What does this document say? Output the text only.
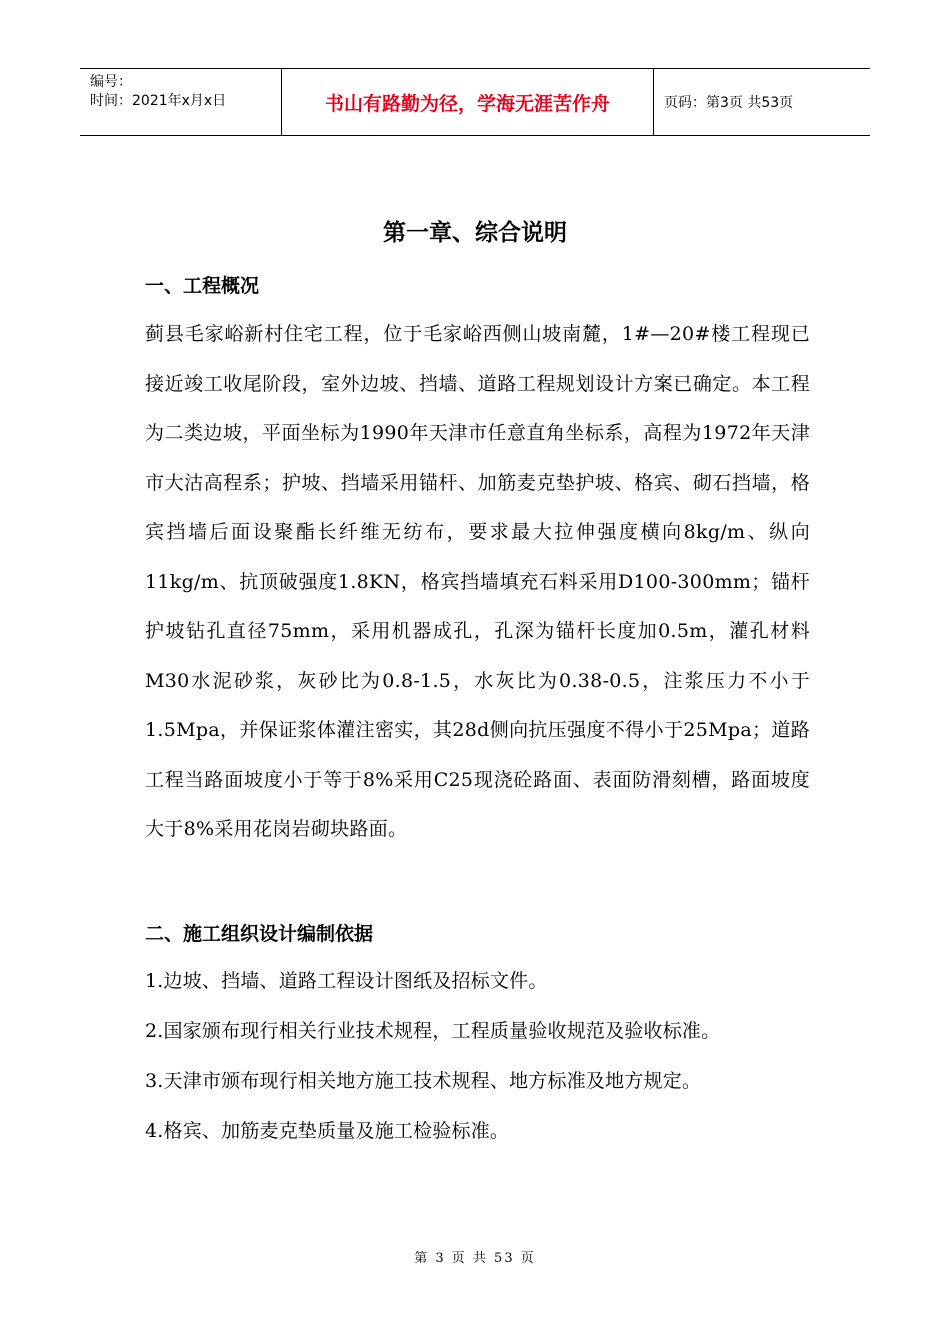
编号：
时间：2021年x月x日	书山有路勤为径，学海无涯苦作舟	页码：第3页 共53页
第一章、综合说明
一、工程概况
蓟县毛家峪新村住宅工程，位于毛家峪西侧山坡南麓，1#—20#楼工程现已接近竣工收尾阶段，室外边坡、挡墙、道路工程规划设计方案已确定。本工程为二类边坡，平面坐标为1990年天津市任意直角坐标系，高程为1972年天津市大沽高程系；护坡、挡墙采用锚杆、加筋麦克垫护坡、格宾、砌石挡墙，格宾挡墙后面设聚酯长纤维无纺布，要求最大拉伸强度横向8kg/m、纵向11kg/m、抗顶破强度1.8KN，格宾挡墙填充石料采用D100-300mm；锚杆护坡钻孔直径75mm，采用机器成孔，孔深为锚杆长度加0.5m，灌孔材料M30水泥砂浆，灰砂比为0.8-1.5，水灰比为0.38-0.5，注浆压力不小于1.5Mpa，并保证浆体灌注密实，其28d侧向抗压强度不得小于25Mpa；道路工程当路面坡度小于等于8%采用C25现浇砼路面、表面防滑刻槽，路面坡度大于8%采用花岗岩砌块路面。
二、施工组织设计编制依据
1.边坡、挡墙、道路工程设计图纸及招标文件。
2.国家颁布现行相关行业技术规程，工程质量验收规范及验收标准。
3.天津市颁布现行相关地方施工技术规程、地方标准及地方规定。
4.格宾、加筋麦克垫质量及施工检验标准。
第 3 页 共 53 页
